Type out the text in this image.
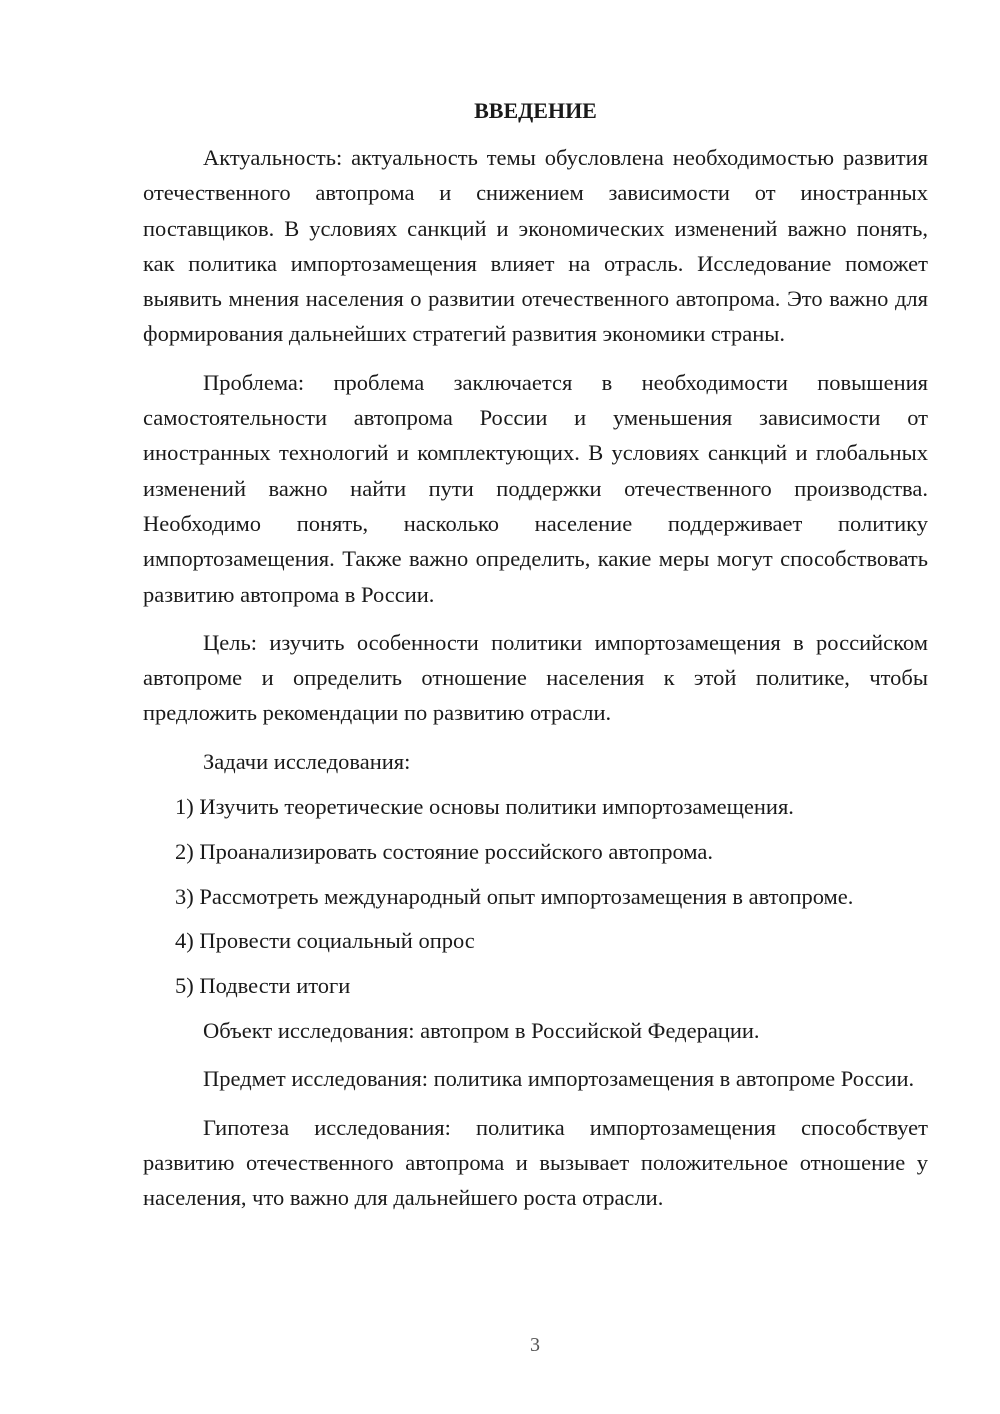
ВВЕДЕНИЕ

Актуальность: актуальность темы обусловлена необходимостью развития отечественного автопрома и снижением зависимости от иностранных поставщиков. В условиях санкций и экономических изменений важно понять, как политика импортозамещения влияет на отрасль. Исследование поможет выявить мнения населения о развитии отечественного автопрома. Это важно для формирования дальнейших стратегий развития экономики страны.

Проблема: проблема заключается в необходимости повышения самостоятельности автопрома России и уменьшения зависимости от иностранных технологий и комплектующих. В условиях санкций и глобальных изменений важно найти пути поддержки отечественного производства. Необходимо понять, насколько население поддерживает политику импортозамещения. Также важно определить, какие меры могут способствовать развитию автопрома в России.

Цель: изучить особенности политики импортозамещения в российском автопроме и определить отношение населения к этой политике, чтобы предложить рекомендации по развитию отрасли.

Задачи исследования:

1) Изучить теоретические основы политики импортозамещения.
2) Проанализировать состояние российского автопрома.
3) Рассмотреть международный опыт импортозамещения в автопроме.
4) Провести социальный опрос
5) Подвести итоги

Объект исследования: автопром в Российской Федерации.

Предмет исследования: политика импортозамещения в автопроме России.

Гипотеза исследования: политика импортозамещения способствует развитию отечественного автопрома и вызывает положительное отношение у населения, что важно для дальнейшего роста отрасли.

3
